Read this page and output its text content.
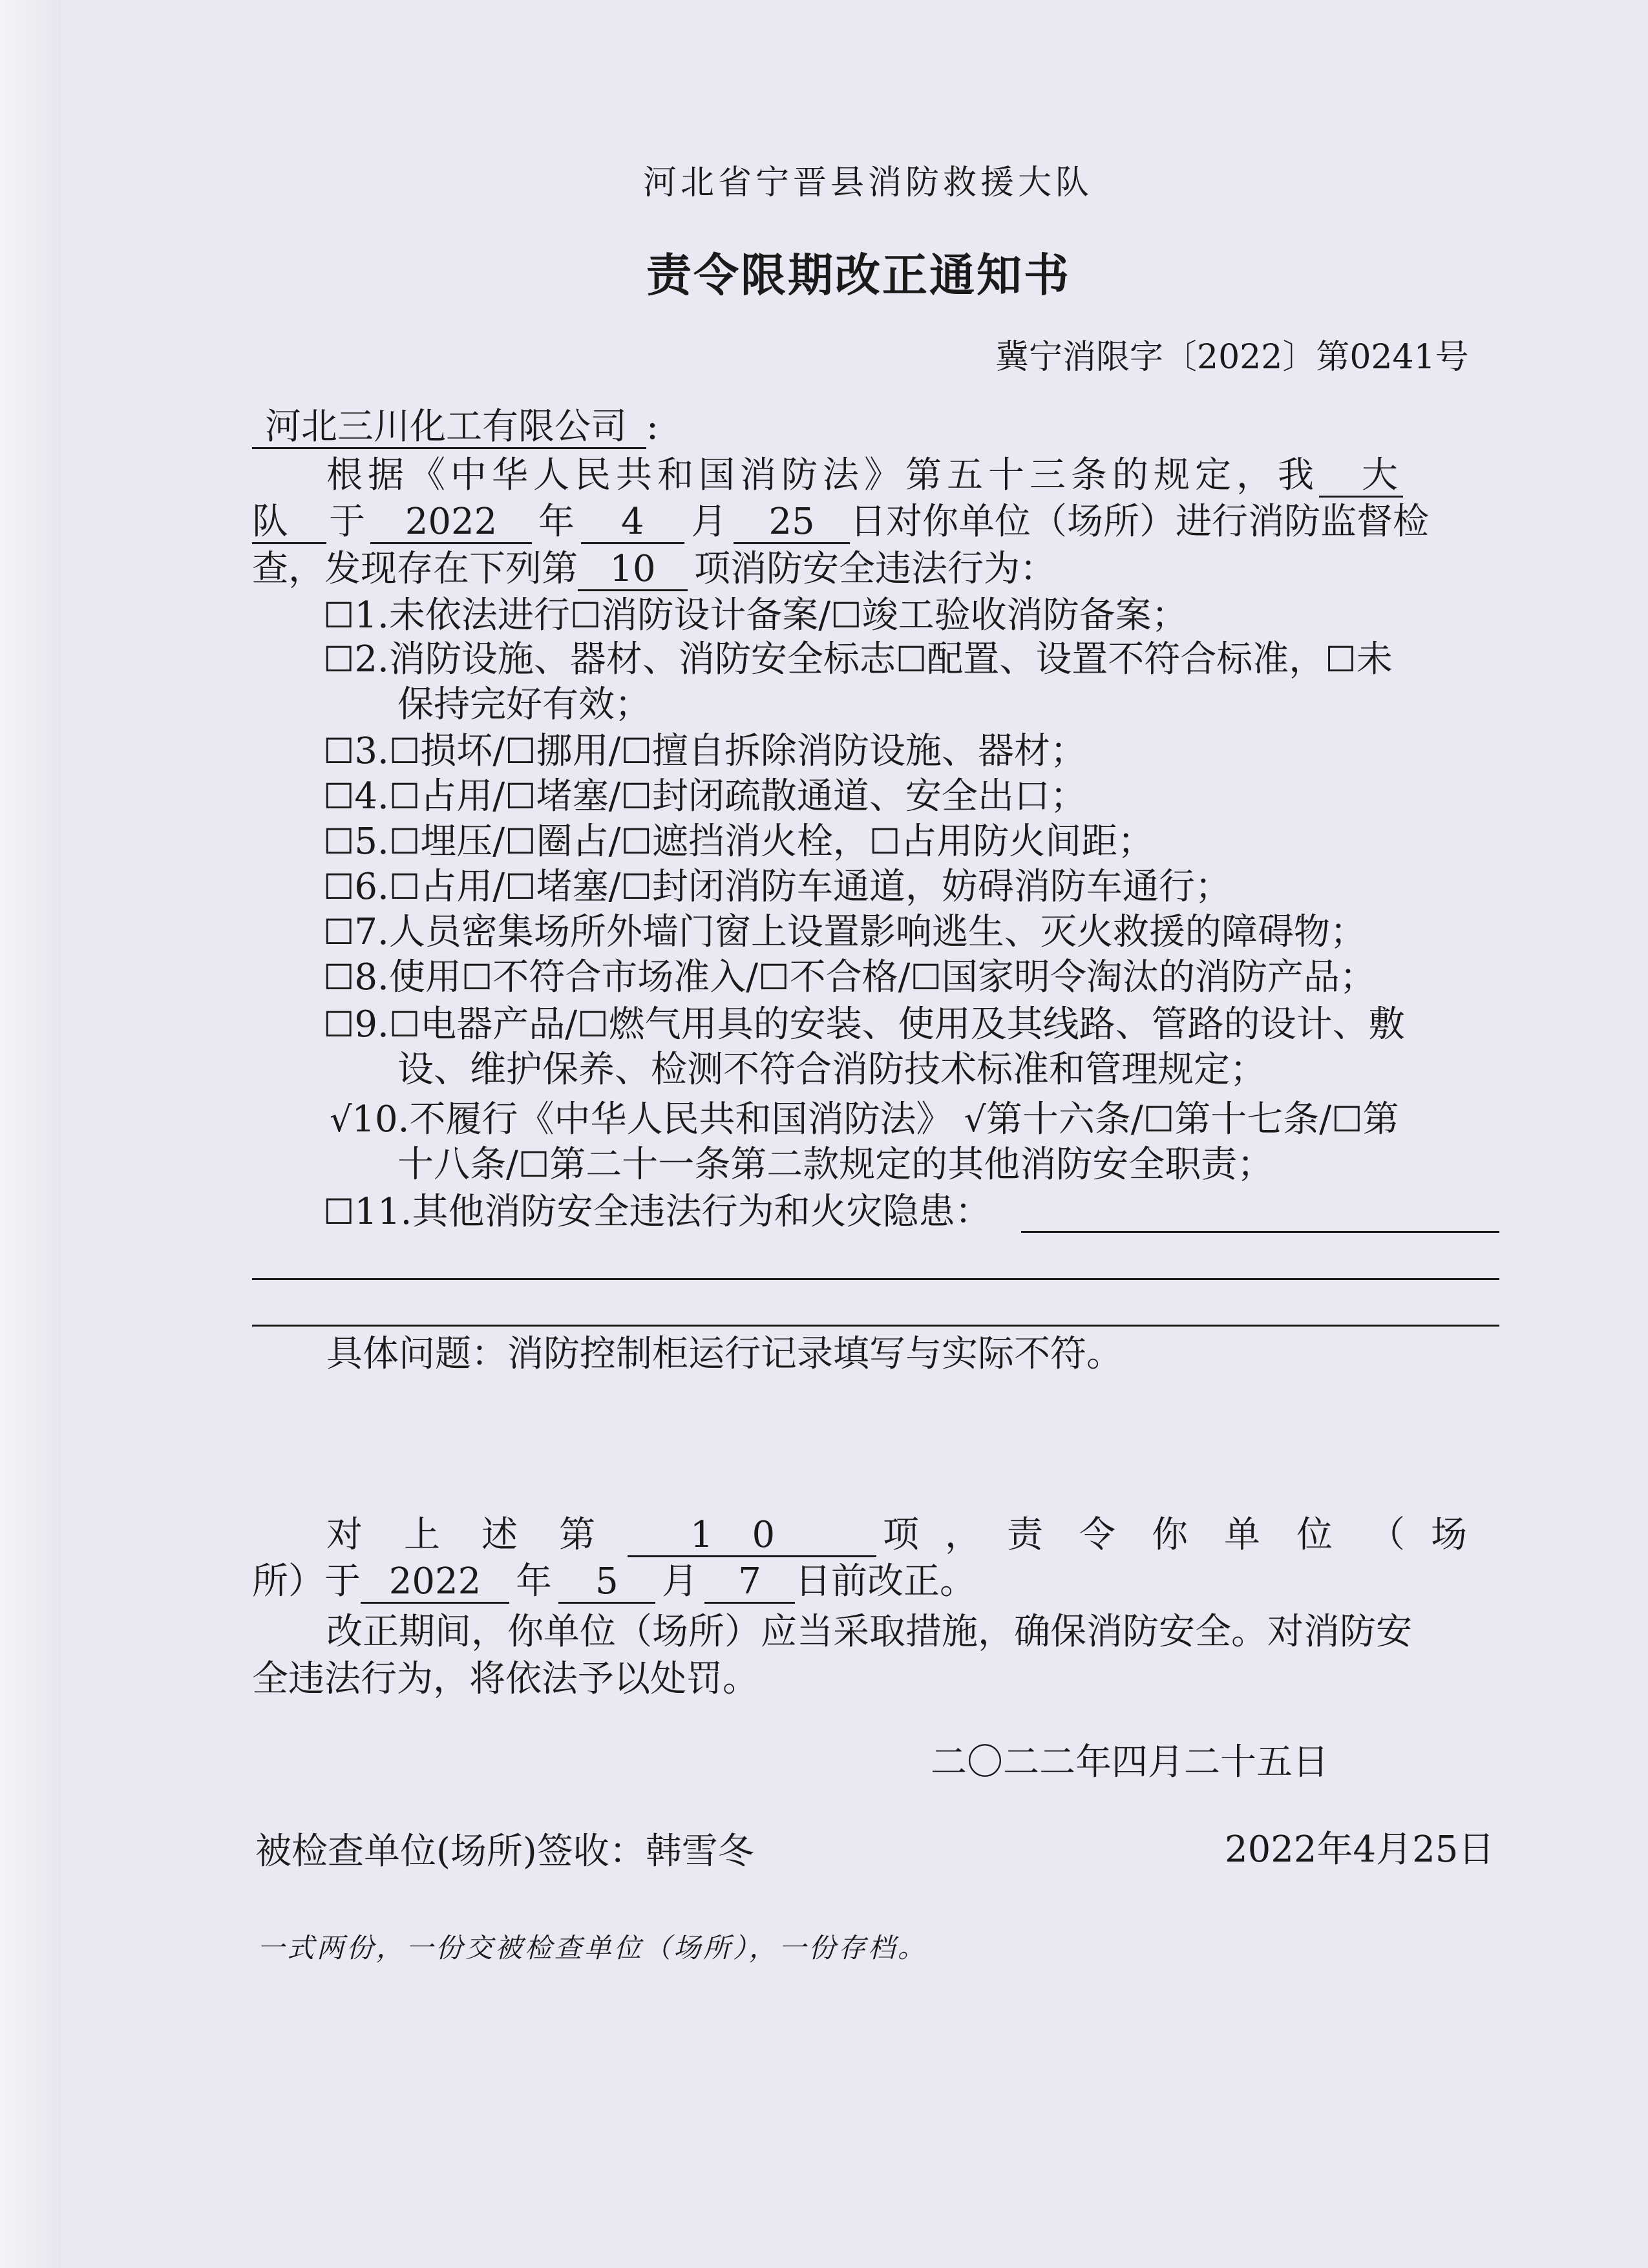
河北省宁晋县消防救援大队
责令限期改正通知书
冀宁消限字〔2022〕第0241号
河北三川化工有限公司 :
根据《中华人民共和国消防法》第五十三条的规定，我 大
队 于 2022 年 4 月 25 日对你单位（场所）进行消防监督检
查，发现存在下列第 10 项消防安全违法行为：
☐1.未依法进行☐消防设计备案/☐竣工验收消防备案；
☐2.消防设施、器材、消防安全标志☐配置、设置不符合标准，☐未
保持完好有效；
☐3.☐损坏/☐挪用/☐擅自拆除消防设施、器材；
☐4.☐占用/☐堵塞/☐封闭疏散通道、安全出口；
☐5.☐埋压/☐圈占/☐遮挡消火栓，☐占用防火间距；
☐6.☐占用/☐堵塞/☐封闭消防车通道，妨碍消防车通行；
☐7.人员密集场所外墙门窗上设置影响逃生、灭火救援的障碍物；
☐8.使用☐不符合市场准入/☐不合格/☐国家明令淘汰的消防产品；
☐9.☐电器产品/☐燃气用具的安装、使用及其线路、管路的设计、敷
设、维护保养、检测不符合消防技术标准和管理规定；
√10.不履行《中华人民共和国消防法》 √第十六条/☐第十七条/☐第
十八条/☐第二十一条第二款规定的其他消防安全职责；
☐11.其他消防安全违法行为和火灾隐患：
具体问题：消防控制柜运行记录填写与实际不符。
对 上 述 第	10 项 ， 责 令 你 单 位 （ 场
所）于 2022 年 5 月 7 日前改正。
改正期间，你单位（场所）应当采取措施，确保消防安全。对消防安
全违法行为，将依法予以处罚。
二〇二二年四月二十五日
被检查单位(场所)签收：韩雪冬	2022年4月25日
一式两份，一份交被检查单位（场所），一份存档。
